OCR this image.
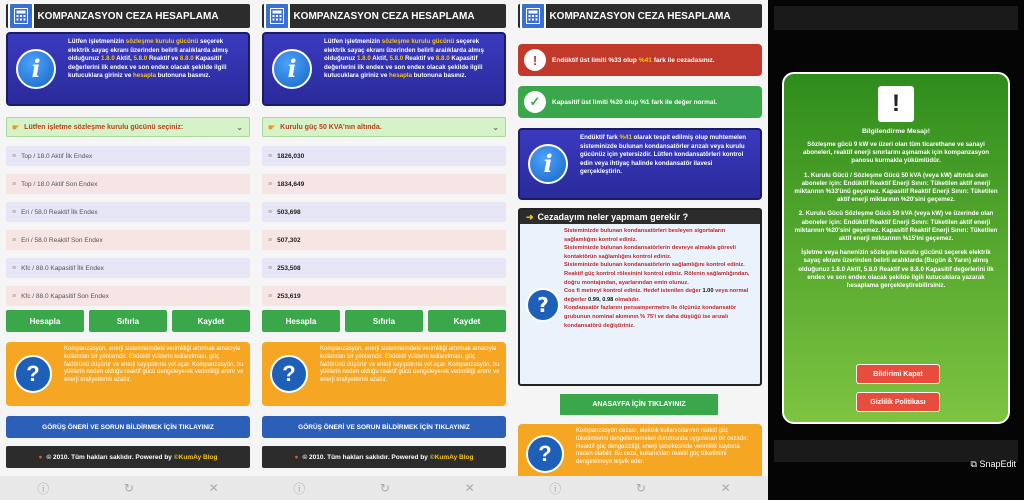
KOMPANZASYON CEZA HESAPLAMA
i
Lütfen işletmenizin sözleşme kurulu gücünü seçerek elektrik sayaç ekranı üzerinden belirli aralıklarda almış olduğunuz 1.8.0 Aktif, 5.8.0 Reaktif ve 8.8.0 Kapasitif değerlerini ilk endex ve son endex olacak şekilde ilgili kutucuklara giriniz ve hesapla butonuna basınız.
☛ Lütfen işletme sözleşme kurulu gücünü seçiniz:	⌄
≡ Top / 18.0 Aktif İlk Endex
≡ Top / 18.0 Aktif Son Endex
≡ Eri / 58.0 Reaktif İlk Endex
≡ Eri / 58.0 Reaktif Son Endex
≡ Kfc / 88.0 Kapasitif İlk Endex
≡ Kfc / 88.0 Kapasitif Son Endex
Hesapla	Sıfırla	Kaydet
?
Kompanzasyon, enerji sistemlerindeki verimliliği artırmak amacıyla kullanılan bir yöntemdir. Endüktif yüklerin kullanılması, güç faktörünü düşürür ve enerji kayıplarına yol açar. Kompanzasyon, bu yüklerin neden olduğu reaktif gücü dengeleyerek verimliliği artırır ve enerji maliyetlerini azaltır.
GÖRÜŞ ÖNERİ VE SORUN BİLDİRMEK İÇİN TIKLAYINIZ
● © 2010. Tüm hakları saklıdır. Powered by ©KumAy Blog
ⓘ	↻	✕
KOMPANZASYON CEZA HESAPLAMA
i
Lütfen işletmenizin sözleşme kurulu gücünü seçerek elektrik sayaç ekranı üzerinden belirli aralıklarda almış olduğunuz 1.8.0 Aktif, 5.8.0 Reaktif ve 8.8.0 Kapasitif değerlerini ilk endex ve son endex olacak şekilde ilgili kutucuklara giriniz ve hesapla butonuna basınız.
☛ Kurulu güç 50 KVA'nın altında.	⌄
≡ 1826,030
≡ 1834,649
≡ 503,698
≡ 507,302
≡ 253,508
≡ 253,619
Hesapla	Sıfırla	Kaydet
?
Kompanzasyon, enerji sistemlerindeki verimliliği artırmak amacıyla kullanılan bir yöntemdir. Endüktif yüklerin kullanılması, güç faktörünü düşürür ve enerji kayıplarına yol açar. Kompanzasyon, bu yüklerin neden olduğu reaktif gücü dengeleyerek verimliliği artırır ve enerji maliyetlerini azaltır.
GÖRÜŞ ÖNERİ VE SORUN BİLDİRMEK İÇİN TIKLAYINIZ
● © 2010. Tüm hakları saklıdır. Powered by ©KumAy Blog
ⓘ	↻	✕
KOMPANZASYON CEZA HESAPLAMA
!	Endüktif üst limiti %33 olup %41 fark ile cezadasınız.
✓	Kapasitif üst limiti %20 olup %1 fark ile değer normal.
i
Endüktif fark %41 olarak tespit edilmiş olup muhtemelen sisteminizde bulunan kondansatörler arızalı veya kurulu gücünüz için yetersizdir. Lütfen kondansatörleri kontrol edin veya ihtiyaç halinde kondansatör ilavesi gerçekleştirin.
➜ Cezadayım neler yapmam gerekir ?
?
Sisteminizde bulunan kondansatörleri besleyen sigortaların sağlamlığını kontrol ediniz.
Sisteminizde bulunan kondansatörlerin devreye almakla görevli kontaktörün sağlamlığını kontrol ediniz.
Sisteminizde bulunan kondansatörlerin sağlamlığını kontrol ediniz.
Reaktif güç kontrol rölesinini kontrol ediniz. Rölenin sağlamlığından, doğru montajından, ayarlarından emin olunuz.
Cos fi metreyi kontrol ediniz. Hedef istenilen değer 1.00 veya normal değerler 0.99, 0.98 olmalıdır.
Kondansatör fazlarını pensampermetre ile ölçünüz kondansatör grubunun nominal akımının % 75'i ve daha düşüğü ise arızalı kondansatörü değiştiriniz.
ANASAYFA İÇİN TIKLAYINIZ
?
Kompanzasyon cezası, elektrik kullanıcılarının reaktif güç tüketimlerini dengelememeleri durumunda uygulanan bir cezadır. Reaktif güç dengesizliği, enerji şebekesinde verimlilik kaybına neden olabilir. Bu ceza, kullanıcıları reaktif güç tüketimini dengelemeye teşvik eder.
ⓘ	↻	✕
!
Bilgilendirme Mesajı!
Sözleşme gücü 9 kW ve üzeri olan tüm ticarethane ve sanayi aboneleri, reaktif enerji sınırlarını aşmamak için kompanzasyon panosu kurmakla yükümlüdür.
1. Kurulu Gücü / Sözleşme Gücü 50 kVA (veya kW) altında olan aboneler için: Endüktif Reaktif Enerji Sınırı: Tüketilen aktif enerji miktarının %33'ünü geçemez. Kapasitif Reaktif Enerji Sınırı: Tüketilen aktif enerji miktarının %20'sini geçemez.
2. Kurulu Gücü Sözleşme Gücü 50 kVA (veya kW) ve üzerinde olan aboneler için: Endüktif Reaktif Enerji Sınırı: Tüketilen aktif enerji miktarının %20'sini geçemez. Kapasitif Reaktif Enerji Sınırı: Tüketilen aktif enerji miktarının %15'ini geçemez.
İşletme veya hanenizin sözleşme kurulu gücünü seçerek elektrik sayaç ekranı üzerinden belirli aralıklarda (Bugün & Yarın) almış olduğunuz 1.8.0 Aktif, 5.8.0 Reaktif ve 8.8.0 Kapasitif değerlerini ilk endex ve son endex olacak şekilde ilgili kutucuklara yazarak hesaplama gerçekleştirebilirsiniz.
Bildirimi Kapat
Gizlilik Politikası
⧉ SnapEdit
